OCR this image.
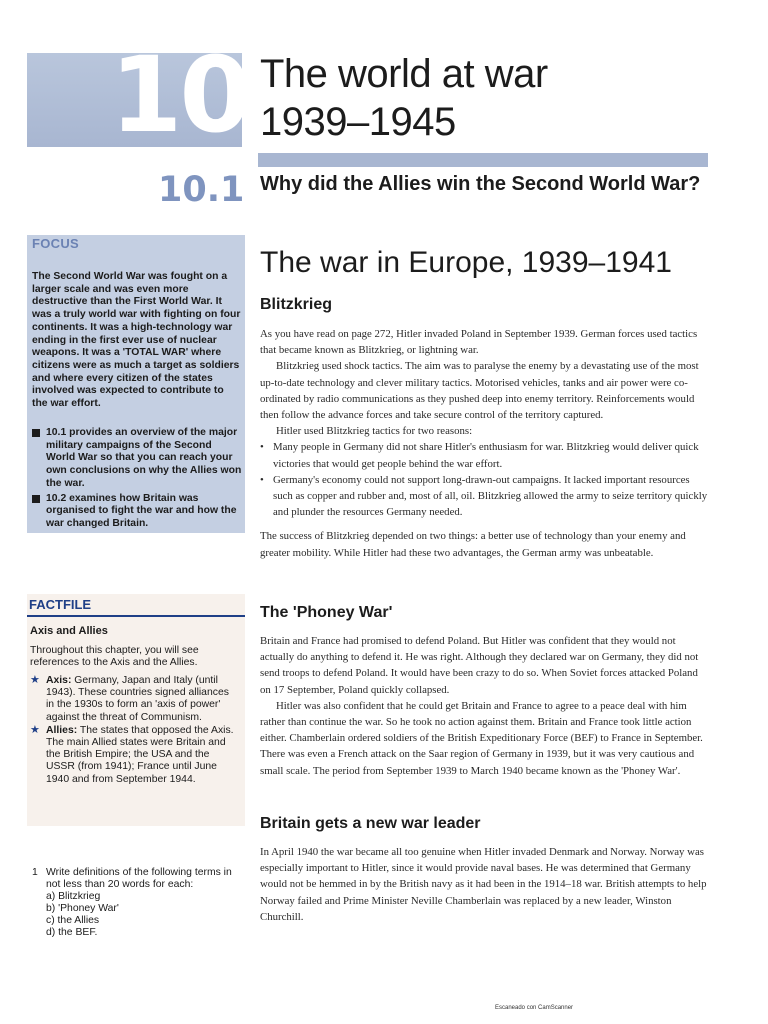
10 The world at war
1939–1945
10.1 Why did the Allies win the Second World War?
FOCUS
The Second World War was fought on a larger scale and was even more destructive than the First World War. It was a truly world war with fighting on four continents. It was a high-technology war ending in the first ever use of nuclear weapons. It was a 'TOTAL WAR' where citizens were as much a target as soldiers and where every citizen of the states involved was expected to contribute to the war effort.
10.1 provides an overview of the major military campaigns of the Second World War so that you can reach your own conclusions on why the Allies won the war.
10.2 examines how Britain was organised to fight the war and how the war changed Britain.
FACTFILE
Axis and Allies
Throughout this chapter, you will see references to the Axis and the Allies.
★ Axis: Germany, Japan and Italy (until 1943). These countries signed alliances in the 1930s to form an 'axis of power' against the threat of Communism.
★ Allies: The states that opposed the Axis. The main Allied states were Britain and the British Empire; the USA and the USSR (from 1941); France until June 1940 and from September 1944.
1 Write definitions of the following terms in not less than 20 words for each:
a) Blitzkrieg
b) 'Phoney War'
c) the Allies
d) the BEF.
The war in Europe, 1939–1941
Blitzkrieg

As you have read on page 272, Hitler invaded Poland in September 1939. German forces used tactics that became known as Blitzkrieg, or lightning war.

Blitzkrieg used shock tactics. The aim was to paralyse the enemy by a devastating use of the most up-to-date technology and clever military tactics. Motorised vehicles, tanks and air power were co-ordinated by radio communications as they pushed deep into enemy territory. Reinforcements would then follow the advance forces and take secure control of the territory captured.

Hitler used Blitzkrieg tactics for two reasons:

• Many people in Germany did not share Hitler's enthusiasm for war. Blitzkrieg would deliver quick victories that would get people behind the war effort.
• Germany's economy could not support long-drawn-out campaigns. It lacked important resources such as copper and rubber and, most of all, oil. Blitzkrieg allowed the army to seize territory quickly and plunder the resources Germany needed.

The success of Blitzkrieg depended on two things: a better use of technology than your enemy and greater mobility. While Hitler had these two advantages, the German army was unbeatable.

The 'Phoney War'

Britain and France had promised to defend Poland. But Hitler was confident that they would not actually do anything to defend it. He was right. Although they declared war on Germany, they did not send troops to defend Poland. It would have been crazy to do so. When Soviet forces attacked Poland on 17 September, Poland quickly collapsed.

Hitler was also confident that he could get Britain and France to agree to a peace deal with him rather than continue the war. So he took no action against them. Britain and France took little action either. Chamberlain ordered soldiers of the British Expeditionary Force (BEF) to France in September. There was even a French attack on the Saar region of Germany in 1939, but it was very cautious and small scale. The period from September 1939 to March 1940 became known as the 'Phoney War'.

Britain gets a new war leader

In April 1940 the war became all too genuine when Hitler invaded Denmark and Norway. Norway was especially important to Hitler, since it would provide naval bases. He was determined that Germany would not be hemmed in by the British navy as it had been in the 1914–18 war. British attempts to help Norway failed and Prime Minister Neville Chamberlain was replaced by a new leader, Winston Churchill.

Escaneado con CamScanner
